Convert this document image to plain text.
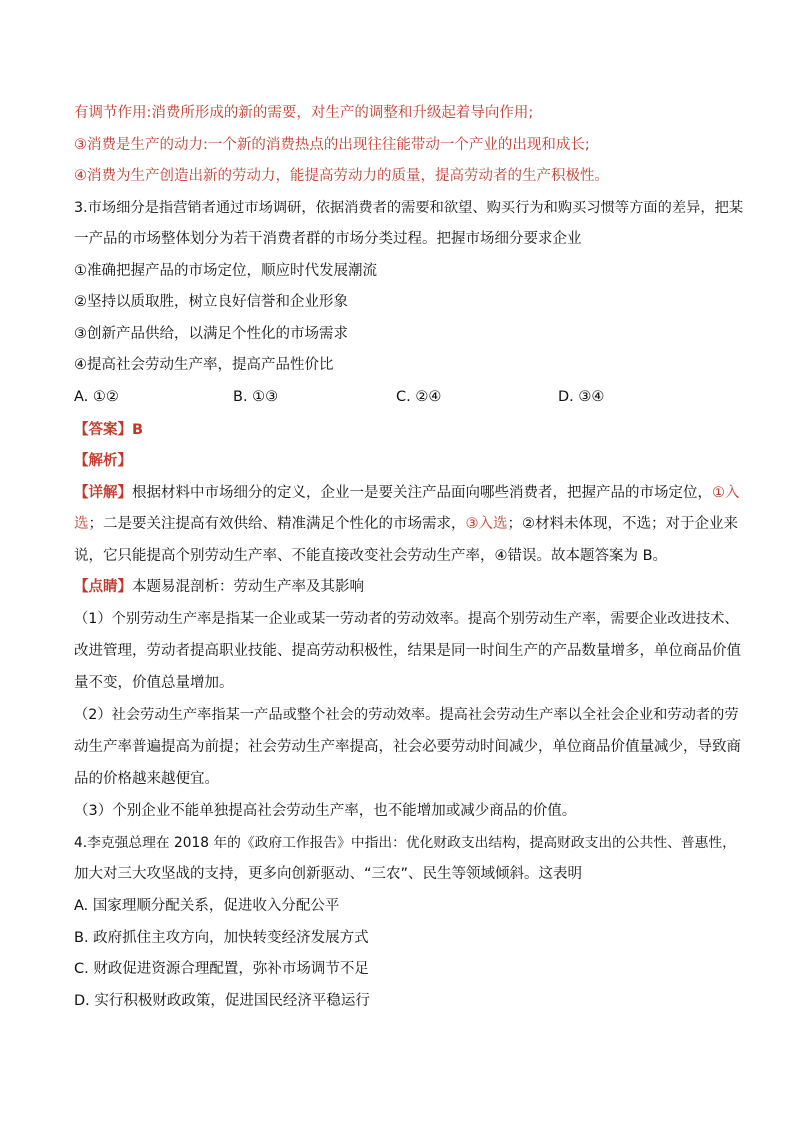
有调节作用:消费所形成的新的需要，对生产的调整和升级起着导向作用;
③消费是生产的动力:一个新的消费热点的出现往往能带动一个产业的出现和成长;
④消费为生产创造出新的劳动力，能提高劳动力的质量，提高劳动者的生产积极性。
3.市场细分是指营销者通过市场调研，依据消费者的需要和欲望、购买行为和购买习惯等方面的差异，把某
一产品的市场整体划分为若干消费者群的市场分类过程。把握市场细分要求企业
①准确把握产品的市场定位，顺应时代发展潮流
②坚持以质取胜，树立良好信誉和企业形象
③创新产品供给，以满足个性化的市场需求
④提高社会劳动生产率，提高产品性价比
A. ①②	B. ①③	C. ②④	D. ③④
【答案】B
【解析】
【详解】根据材料中市场细分的定义，企业一是要关注产品面向哪些消费者，把握产品的市场定位，①入
选；二是要关注提高有效供给、精准满足个性化的市场需求，③入选；②材料未体现，不选；对于企业来
说，它只能提高个别劳动生产率、不能直接改变社会劳动生产率，④错误。故本题答案为 B。
【点睛】本题易混剖析：劳动生产率及其影响
（1）个别劳动生产率是指某一企业或某一劳动者的劳动效率。提高个别劳动生产率，需要企业改进技术、
改进管理，劳动者提高职业技能、提高劳动积极性，结果是同一时间生产的产品数量增多，单位商品价值
量不变，价值总量增加。
（2）社会劳动生产率指某一产品或整个社会的劳动效率。提高社会劳动生产率以全社会企业和劳动者的劳
动生产率普遍提高为前提；社会劳动生产率提高，社会必要劳动时间减少，单位商品价值量减少，导致商
品的价格越来越便宜。
（3）个别企业不能单独提高社会劳动生产率，也不能增加或减少商品的价值。
4.李克强总理在 2018 年的《政府工作报告》中指出：优化财政支出结构，提高财政支出的公共性、普惠性，
加大对三大攻坚战的支持，更多向创新驱动、“三农”、民生等领域倾斜。这表明
A. 国家理顺分配关系，促进收入分配公平
B. 政府抓住主攻方向，加快转变经济发展方式
C. 财政促进资源合理配置，弥补市场调节不足
D. 实行积极财政政策，促进国民经济平稳运行
